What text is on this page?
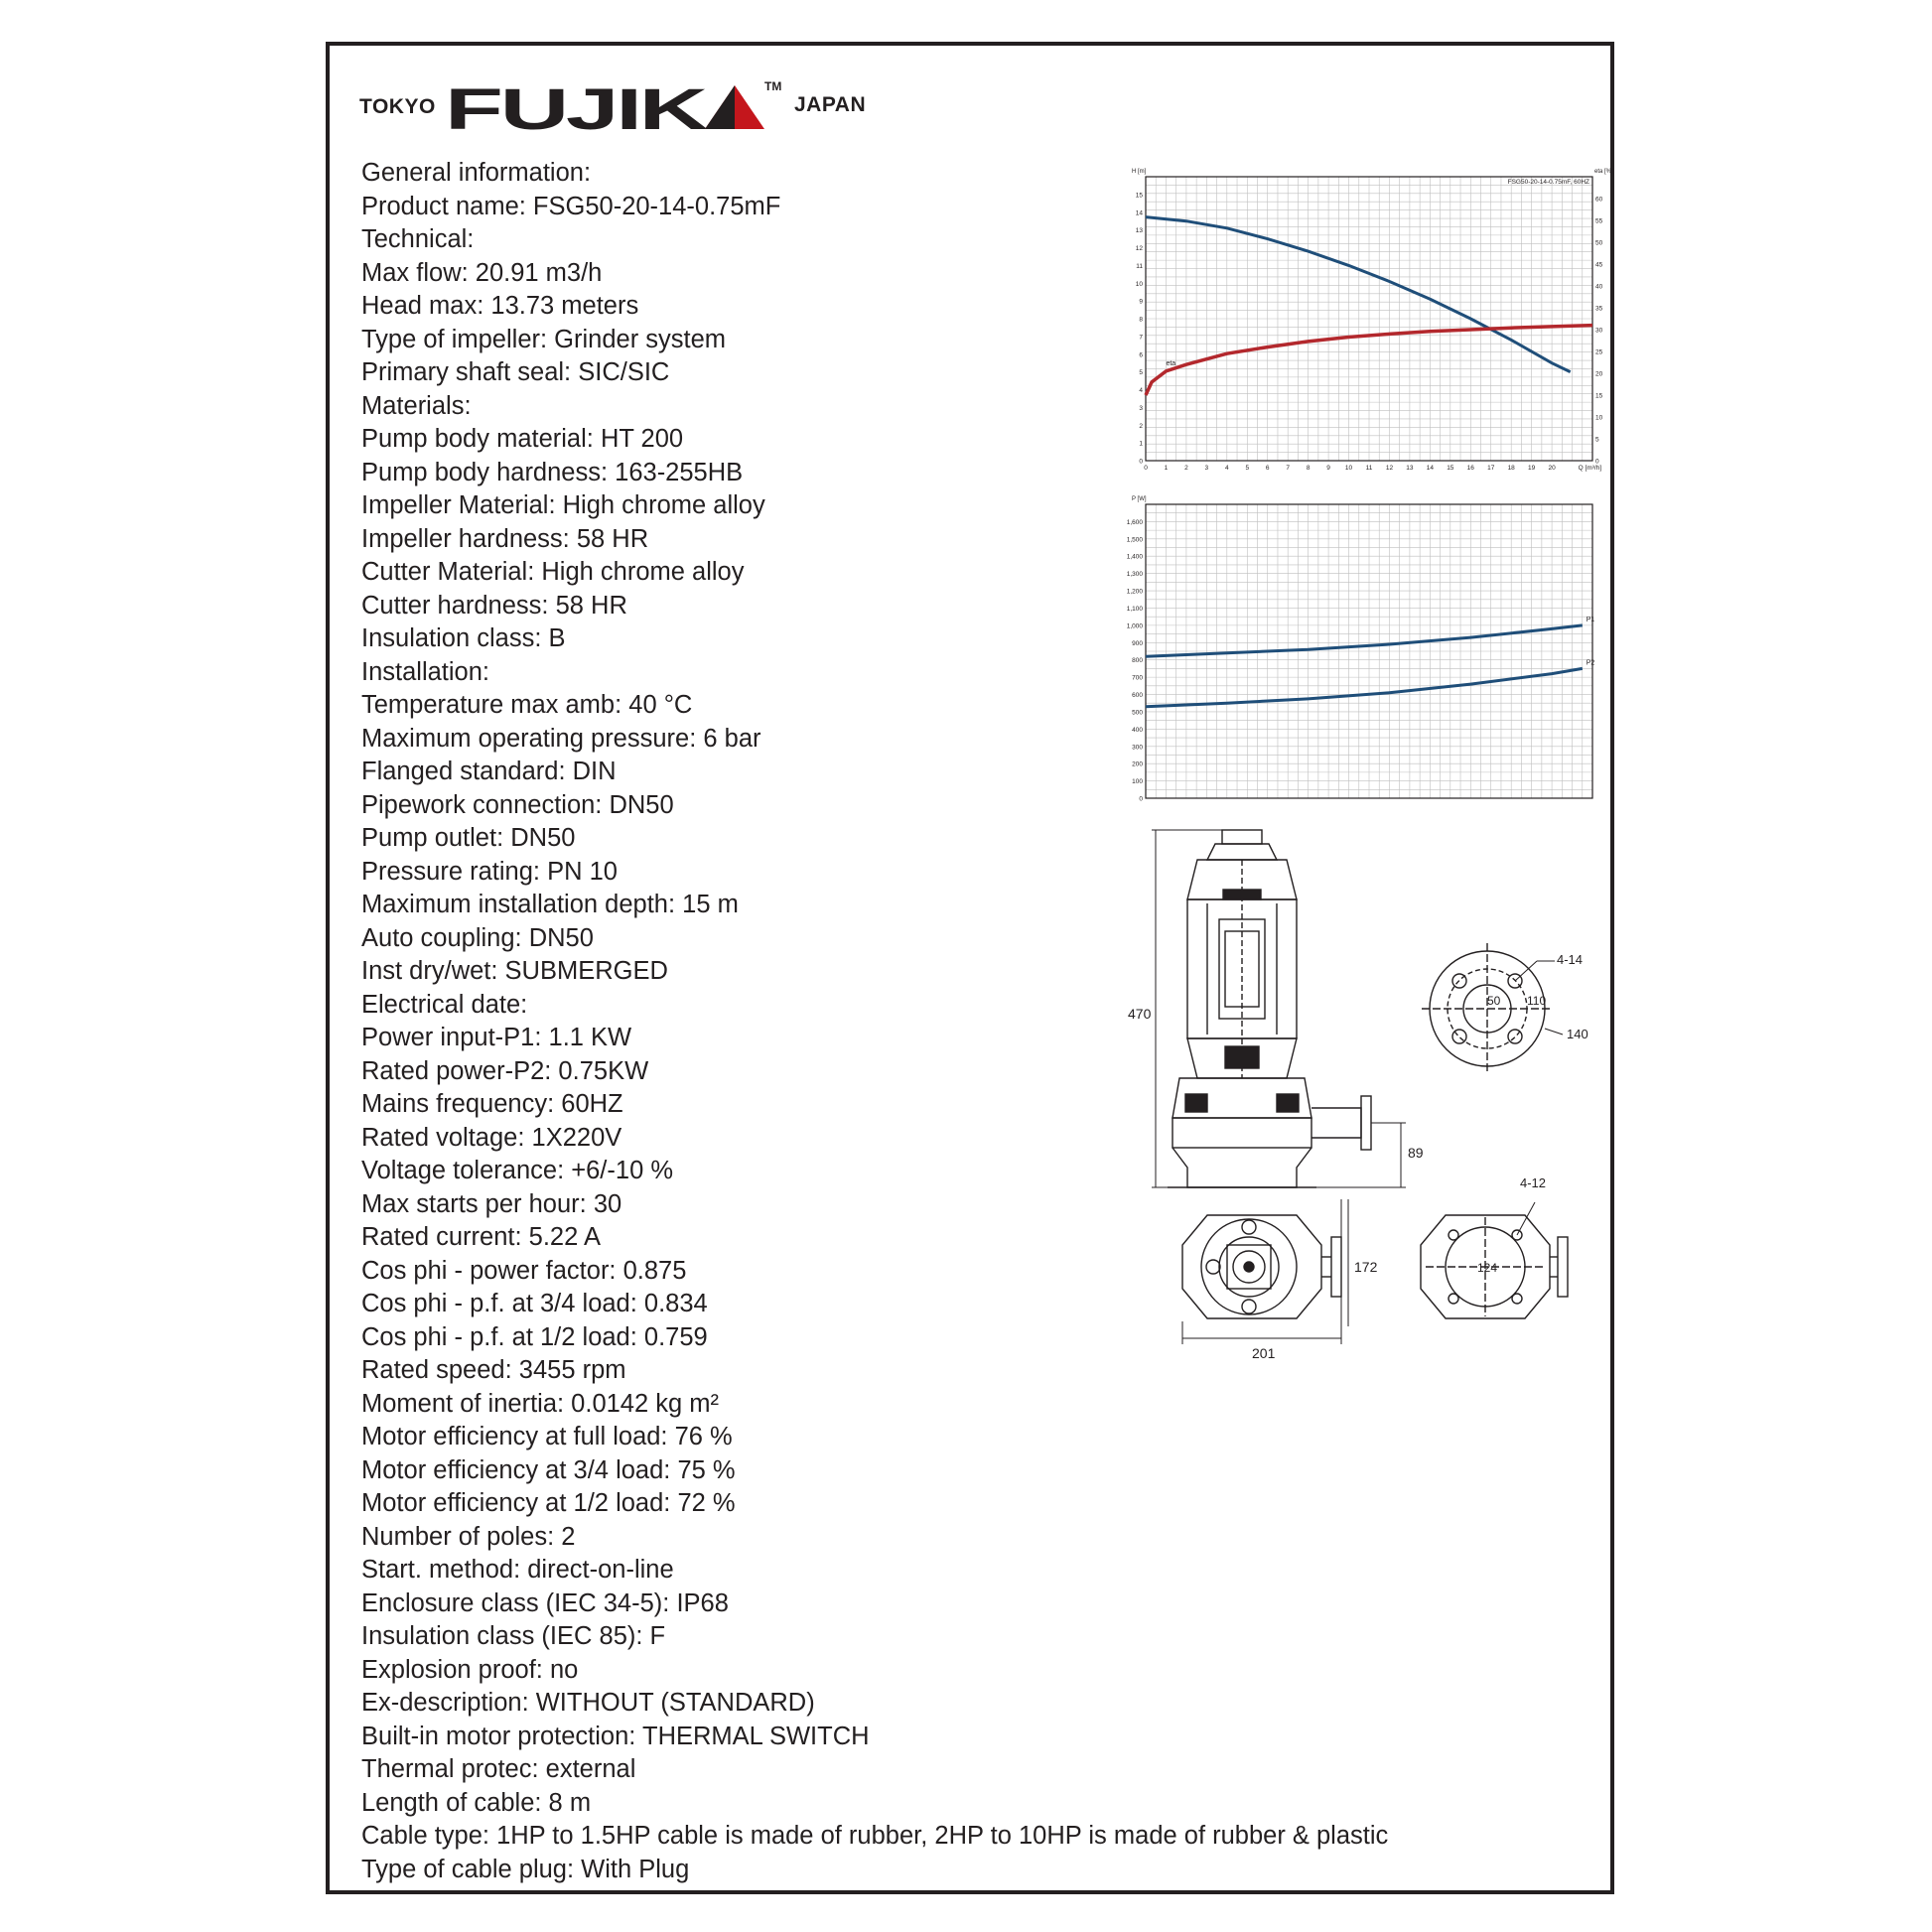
TOKYO FUJIK	TM
JAPAN
General information:
Product name: FSG50-20-14-0.75mF
Technical:
Max flow: 20.91 m3/h
Head max: 13.73 meters
Type of impeller: Grinder system
Primary shaft seal: SIC/SIC
Materials:
Pump body material: HT 200
Pump body hardness: 163-255HB
Impeller Material: High chrome alloy
Impeller hardness: 58 HR
Cutter Material: High chrome alloy
Cutter hardness: 58 HR
Insulation class: B
Installation:
Temperature max amb: 40 °C
Maximum operating pressure: 6 bar
Flanged standard: DIN
Pipework connection: DN50
Pump outlet: DN50
Pressure rating: PN 10
Maximum installation depth: 15 m
Auto coupling: DN50
Inst dry/wet: SUBMERGED
Electrical date:
Power input-P1: 1.1 KW
Rated power-P2: 0.75KW
Mains frequency: 60HZ
Rated voltage: 1X220V
Voltage tolerance: +6/-10 %
Max starts per hour: 30
Rated current: 5.22 A
Cos phi - power factor: 0.875
Cos phi - p.f. at 3/4 load: 0.834
Cos phi - p.f. at 1/2 load: 0.759
Rated speed: 3455 rpm
Moment of inertia: 0.0142 kg m²
Motor efficiency at full load: 76 %
Motor efficiency at 3/4 load: 75 %
Motor efficiency at 1/2 load: 72 %
Number of poles: 2
Start. method: direct-on-line
Enclosure class (IEC 34-5): IP68
Insulation class (IEC 85): F
Explosion proof: no
Ex-description: WITHOUT (STANDARD)
Built-in motor protection: THERMAL SWITCH
Thermal protec: external
Length of cable: 8 m
Cable type: 1HP to 1.5HP cable is made of rubber, 2HP to 10HP is made of rubber & plastic
Type of cable plug: With Plug
0
1
2
3
4
5
6
7
8
9
10
11
12
13
14
15
H [m]
0	1	2	3	4	5	6	7	8	9 10 11 12 13 14 15 16 17 18 19 20	Q [m³/h]
0
5
10
15
20
25
30
35
40
45
50
55
60
eta [%]
FSG50-20-14-0.75mF, 60HZ
eta
0
100
200
300
400
500
600
700
800
900
1,000
1,100
1,200
1,300
1,400
1,500
1,600
P [W]
P1
P2
470
89
4-14
50 110
140
172
201
4-12
124
